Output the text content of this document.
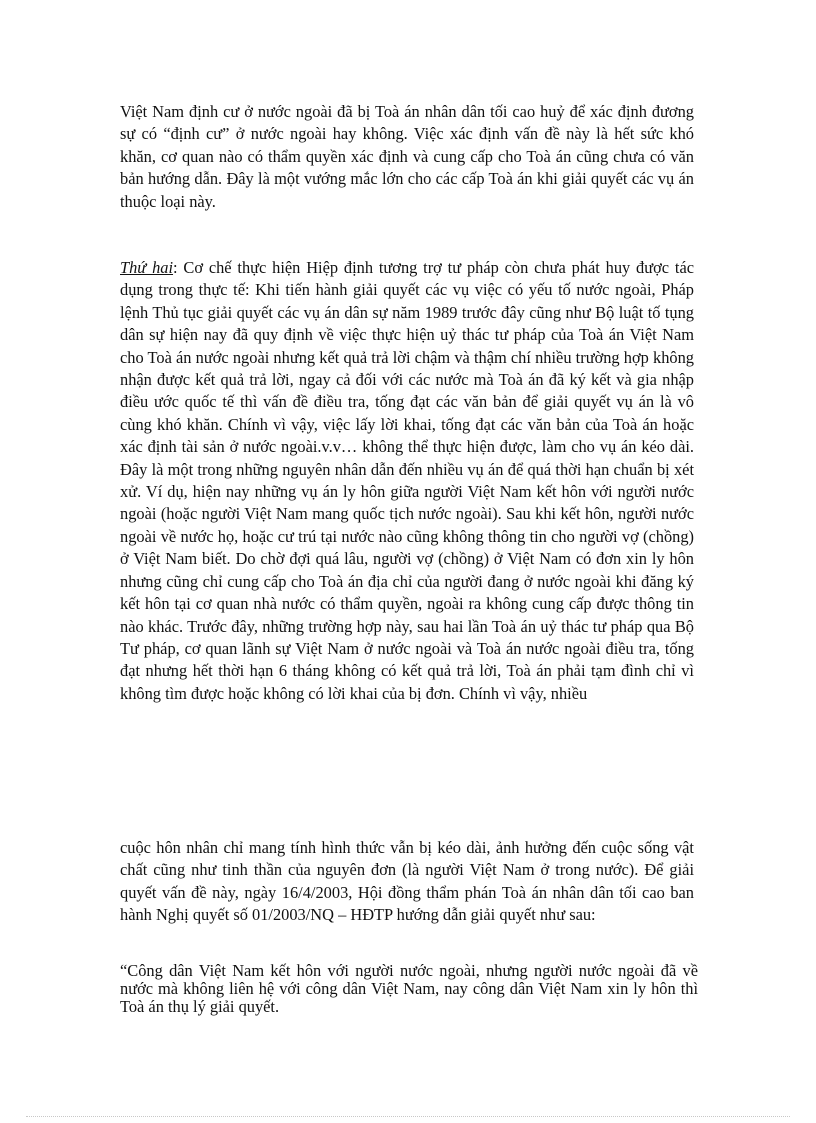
Việt Nam định cư ở nước ngoài đã bị Toà án nhân dân tối cao huỷ để xác định đương sự có “định cư” ở nước ngoài hay không. Việc xác định vấn đề này là hết sức khó khăn, cơ quan nào có thẩm quyền xác định và cung cấp cho Toà án cũng chưa có văn bản hướng dẫn. Đây là một vướng mắc lớn cho các cấp Toà án khi giải quyết các vụ án thuộc loại này.

Thứ hai: Cơ chế thực hiện Hiệp định tương trợ tư pháp còn chưa phát huy được tác dụng trong thực tế: Khi tiến hành giải quyết các vụ việc có yếu tố nước ngoài, Pháp lệnh Thủ tục giải quyết các vụ án dân sự năm 1989 trước đây cũng như Bộ luật tố tụng dân sự hiện nay đã quy định về việc thực hiện uỷ thác tư pháp của Toà án Việt Nam cho Toà án nước ngoài nhưng kết quả trả lời chậm và thậm chí nhiều trường hợp không nhận được kết quả trả lời, ngay cả đối với các nước mà Toà án đã ký kết và gia nhập điều ước quốc tế thì vấn đề điều tra, tống đạt các văn bản để giải quyết vụ án là vô cùng khó khăn. Chính vì vậy, việc lấy lời khai, tống đạt các văn bản của Toà án hoặc xác định tài sản ở nước ngoài.v.v… không thể thực hiện được, làm cho vụ án kéo dài. Đây là một trong những nguyên nhân dẫn đến nhiều vụ án để quá thời hạn chuẩn bị xét xử. Ví dụ, hiện nay những vụ án ly hôn giữa người Việt Nam kết hôn với người nước ngoài (hoặc người Việt Nam mang quốc tịch nước ngoài). Sau khi kết hôn, người nước ngoài về nước họ, hoặc cư trú tại nước nào cũng không thông tin cho người vợ (chồng) ở Việt Nam biết. Do chờ đợi quá lâu, người vợ (chồng) ở Việt Nam có đơn xin ly hôn nhưng cũng chỉ cung cấp cho Toà án địa chỉ của người đang ở nước ngoài khi đăng ký kết hôn tại cơ quan nhà nước có thẩm quyền, ngoài ra không cung cấp được thông tin nào khác. Trước đây, những trường hợp này, sau hai lần Toà án uỷ thác tư pháp qua Bộ Tư pháp, cơ quan lãnh sự Việt Nam ở nước ngoài và Toà án nước ngoài điều tra, tống đạt nhưng hết thời hạn 6 tháng không có kết quả trả lời, Toà án phải tạm đình chỉ vì không tìm được hoặc không có lời khai của bị đơn. Chính vì vậy, nhiều

cuộc hôn nhân chỉ mang tính hình thức vẫn bị kéo dài, ảnh hưởng đến cuộc sống vật chất cũng như tinh thần của nguyên đơn (là người Việt Nam ở trong nước). Để giải quyết vấn đề này, ngày 16/4/2003, Hội đồng thẩm phán Toà án nhân dân tối cao ban hành Nghị quyết số 01/2003/NQ – HĐTP hướng dẫn giải quyết như sau:

“Công dân Việt Nam kết hôn với người nước ngoài, nhưng người nước ngoài đã về nước mà không liên hệ với công dân Việt Nam, nay công dân Việt Nam xin ly hôn thì Toà án thụ lý giải quyết.
